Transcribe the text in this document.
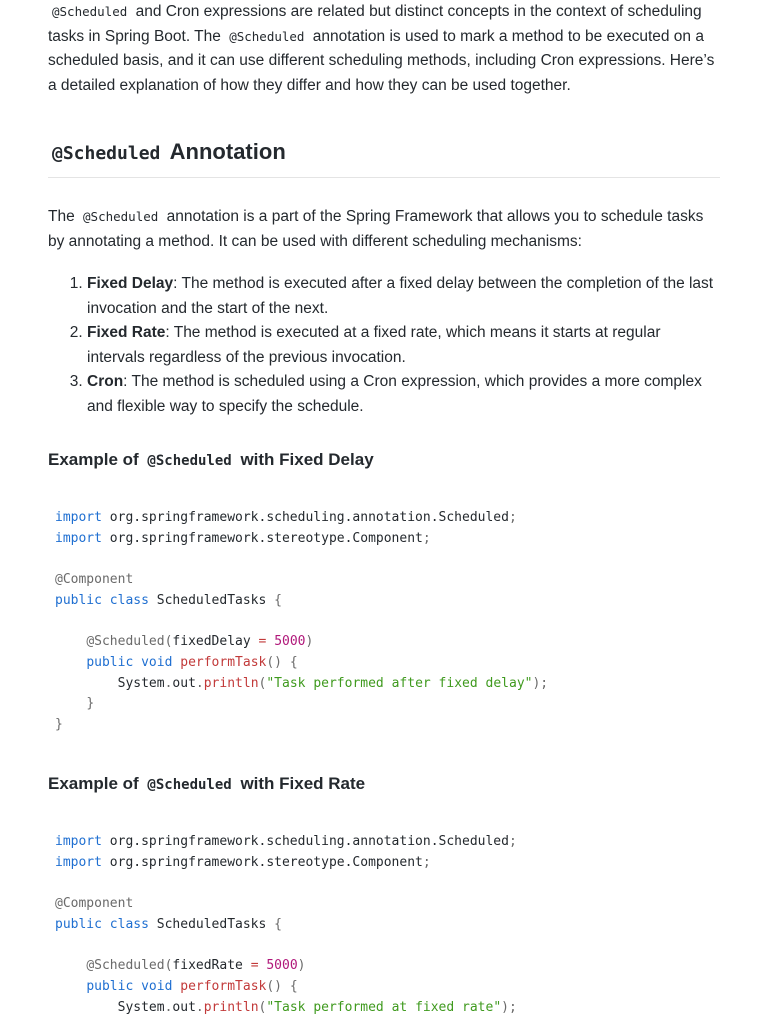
@Scheduled and Cron expressions are related but distinct concepts in the context of scheduling tasks in Spring Boot. The @Scheduled annotation is used to mark a method to be executed on a scheduled basis, and it can use different scheduling methods, including Cron expressions. Here’s a detailed explanation of how they differ and how they can be used together.

@Scheduled Annotation

The @Scheduled annotation is a part of the Spring Framework that allows you to schedule tasks by annotating a method. It can be used with different scheduling mechanisms:

1. Fixed Delay: The method is executed after a fixed delay between the completion of the last invocation and the start of the next.
2. Fixed Rate: The method is executed at a fixed rate, which means it starts at regular intervals regardless of the previous invocation.
3. Cron: The method is scheduled using a Cron expression, which provides a more complex and flexible way to specify the schedule.
Example of @Scheduled with Fixed Delay
import org.springframework.scheduling.annotation.Scheduled;
import org.springframework.stereotype.Component;

@Component
public class ScheduledTasks {

@Scheduled(fixedDelay = 5000)
public void performTask() {
System.out.println("Task performed after fixed delay");
}
}
Example of @Scheduled with Fixed Rate
import org.springframework.scheduling.annotation.Scheduled;
import org.springframework.stereotype.Component;

@Component
public class ScheduledTasks {

@Scheduled(fixedRate = 5000)
public void performTask() {
System.out.println("Task performed at fixed rate");
